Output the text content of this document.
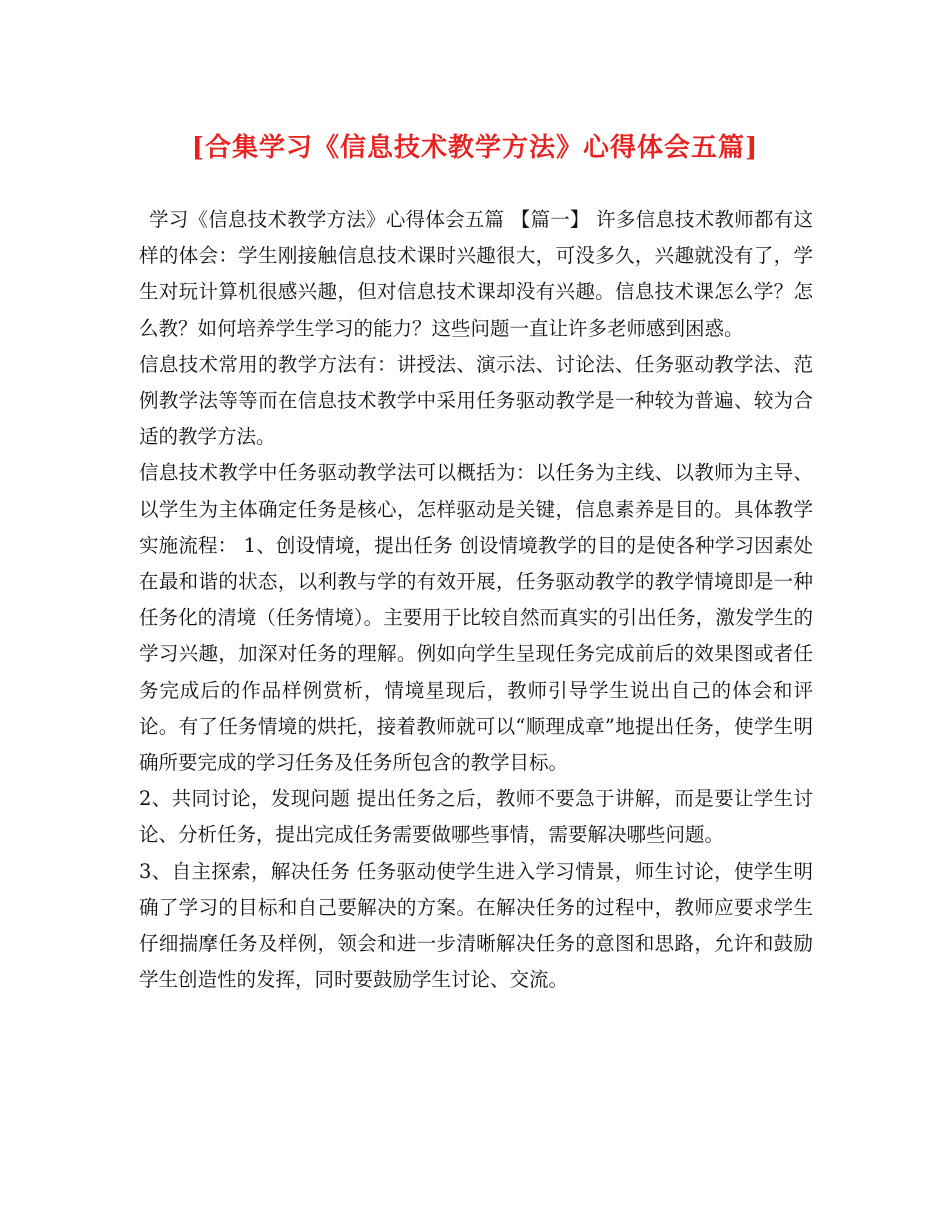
[合集学习《信息技术教学方法》心得体会五篇]

学习《信息技术教学方法》心得体会五篇 【篇一】 许多信息技术教师都有这样的体会：学生刚接触信息技术课时兴趣很大，可没多久，兴趣就没有了，学生对玩计算机很感兴趣，但对信息技术课却没有兴趣。信息技术课怎么学？怎么教？如何培养学生学习的能力？这些问题一直让许多老师感到困惑。

信息技术常用的教学方法有：讲授法、演示法、讨论法、任务驱动教学法、范例教学法等等而在信息技术教学中采用任务驱动教学是一种较为普遍、较为合适的教学方法。

信息技术教学中任务驱动教学法可以概括为：以任务为主线、以教师为主导、以学生为主体确定任务是核心，怎样驱动是关键，信息素养是目的。具体教学实施流程： 1、创设情境，提出任务 创设情境教学的目的是使各种学习因素处在最和谐的状态，以利教与学的有效开展，任务驱动教学的教学情境即是一种任务化的清境（任务情境）。主要用于比较自然而真实的引出任务，激发学生的学习兴趣，加深对任务的理解。例如向学生呈现任务完成前后的效果图或者任务完成后的作品样例赏析，情境星现后，教师引导学生说出自己的体会和评论。有了任务情境的烘托，接着教师就可以“顺理成章”地提出任务，使学生明确所要完成的学习任务及任务所包含的教学目标。

2、共同讨论，发现问题 提出任务之后，教师不要急于讲解，而是要让学生讨论、分析任务，提出完成任务需要做哪些事情，需要解决哪些问题。

3、自主探索，解决任务 任务驱动使学生进入学习情景，师生讨论，使学生明确了学习的目标和自己要解决的方案。在解决任务的过程中，教师应要求学生仔细揣摩任务及样例，领会和进一步清晰解决任务的意图和思路，允许和鼓励学生创造性的发挥，同时要鼓励学生讨论、交流。
